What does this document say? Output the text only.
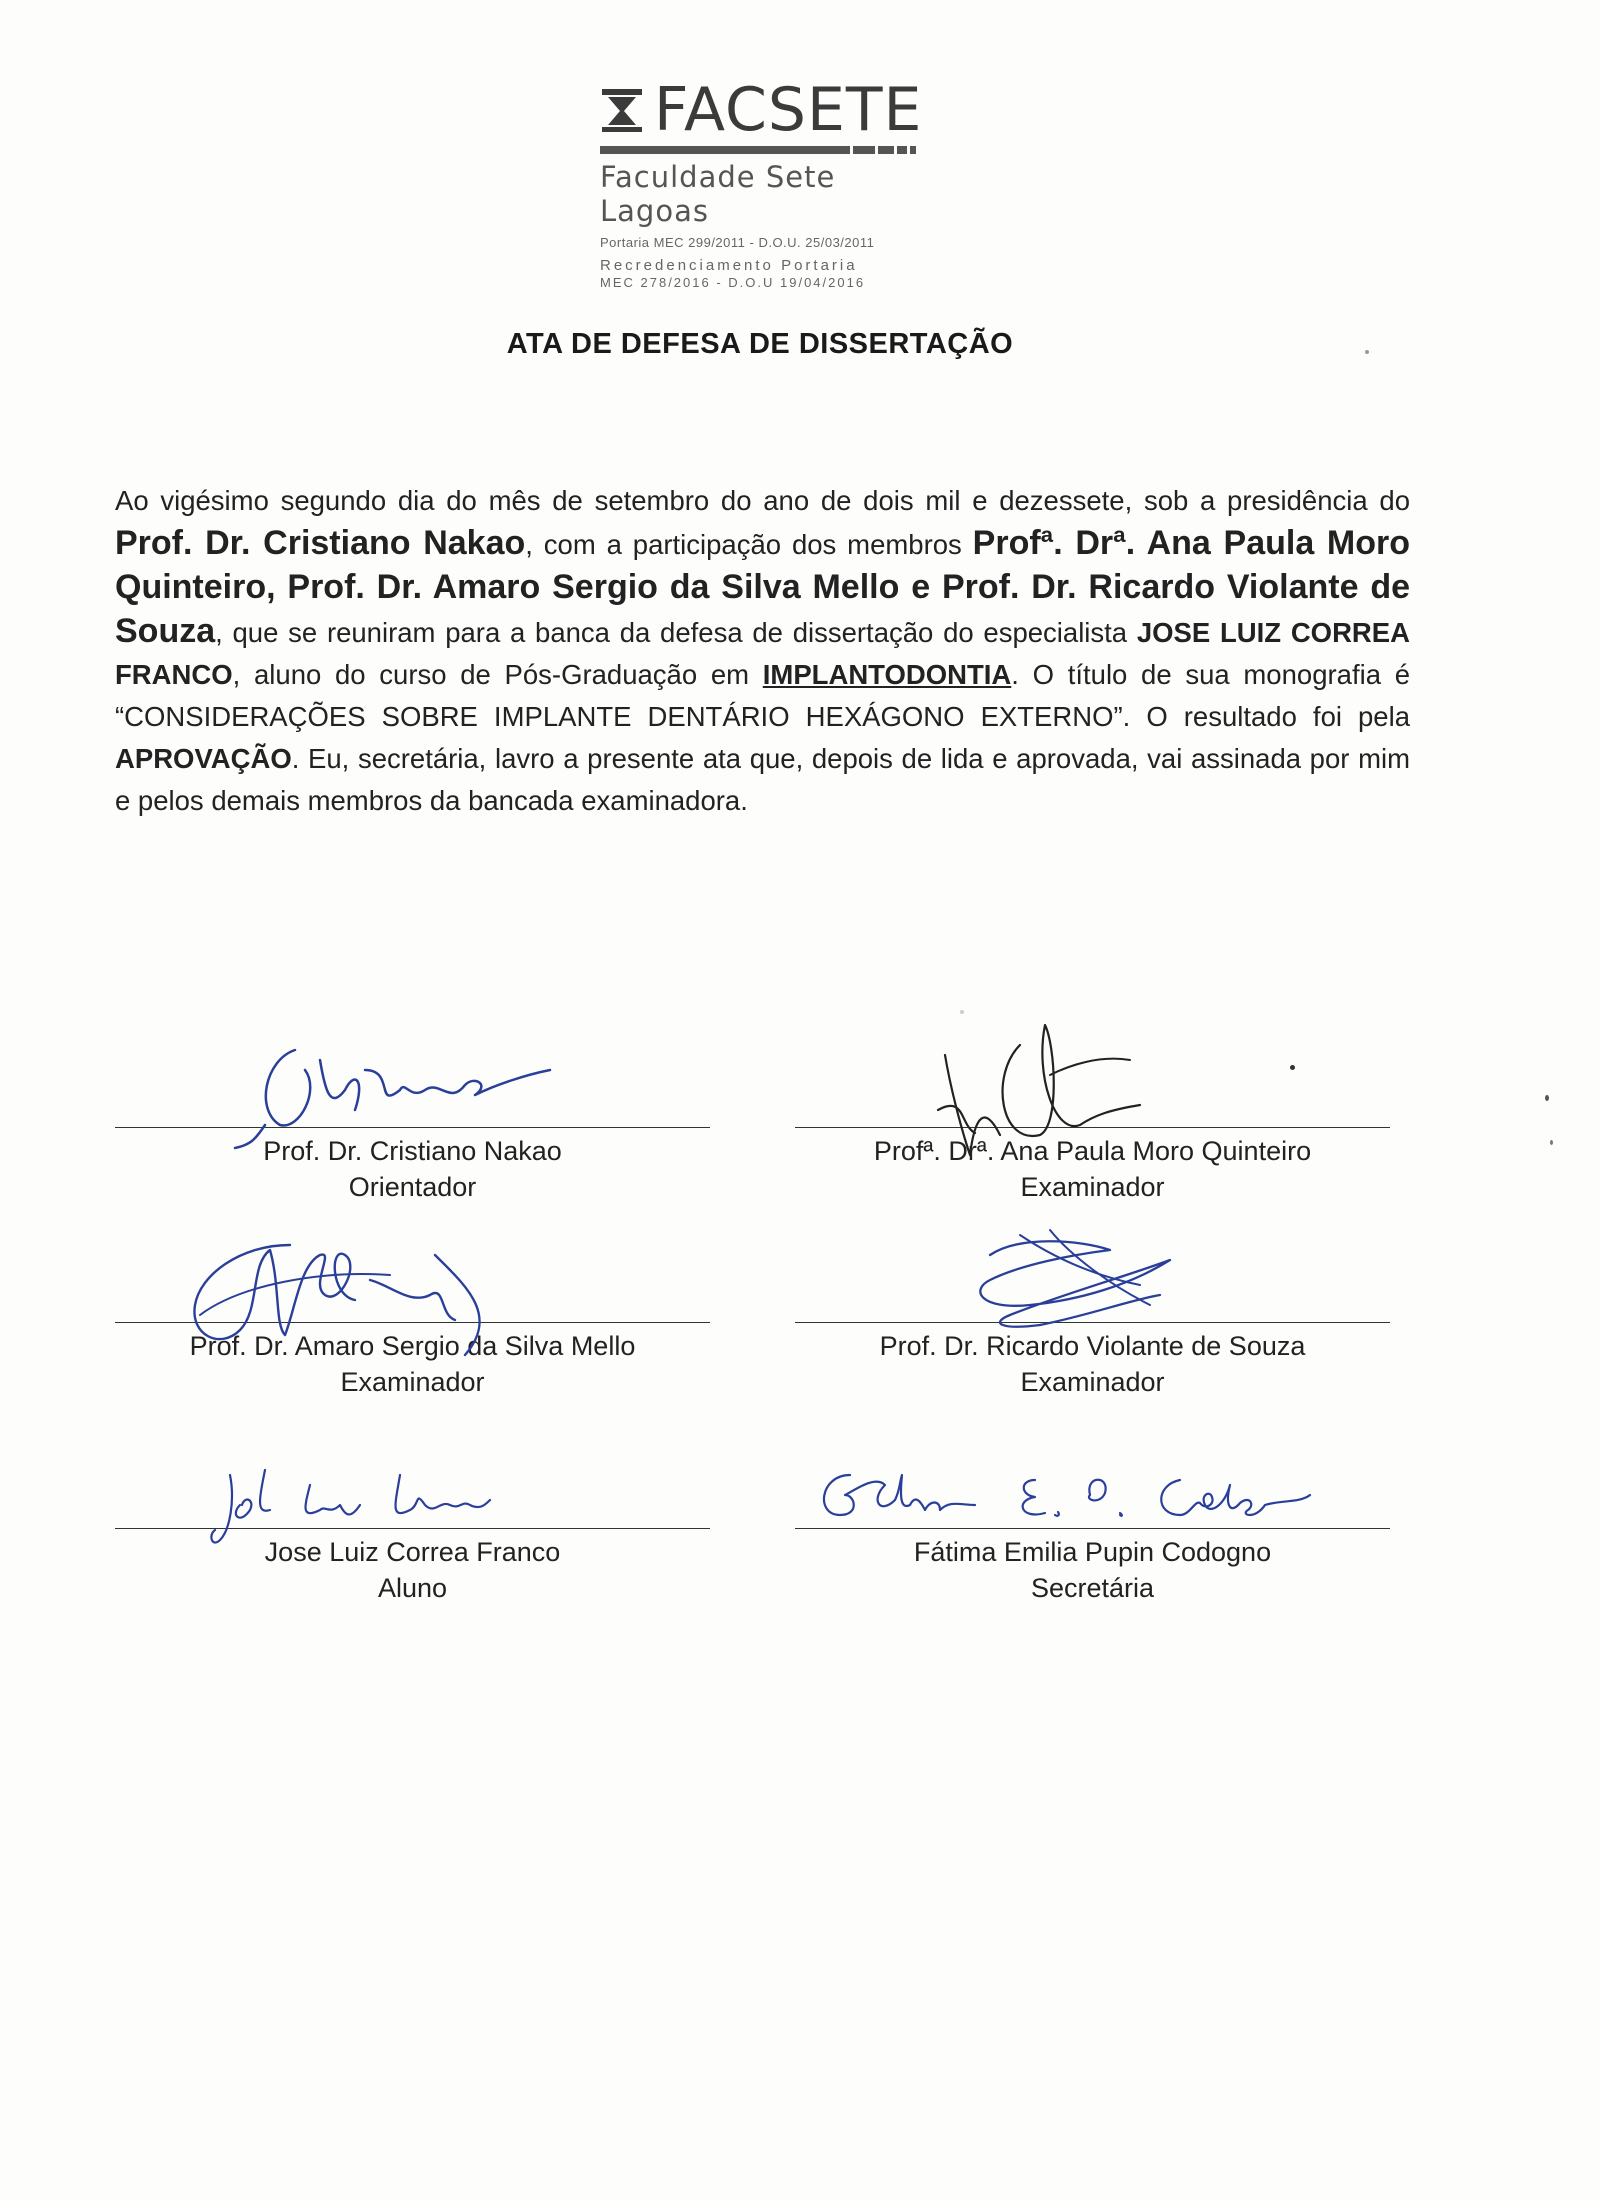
FACSETE
Faculdade Sete Lagoas
Portaria MEC 299/2011 - D.O.U. 25/03/2011
Recredenciamento Portaria
MEC 278/2016 - D.O.U 19/04/2016
ATA DE DEFESA DE DISSERTAÇÃO
Ao vigésimo segundo dia do mês de setembro do ano de dois mil e dezessete, sob a presidência do Prof. Dr. Cristiano Nakao, com a participação dos membros Profª. Drª. Ana Paula Moro Quinteiro, Prof. Dr. Amaro Sergio da Silva Mello e Prof. Dr. Ricardo Violante de Souza, que se reuniram para a banca da defesa de dissertação do especialista JOSE LUIZ CORREA FRANCO, aluno do curso de Pós-Graduação em IMPLANTODONTIA. O título de sua monografia é “CONSIDERAÇÕES SOBRE IMPLANTE DENTÁRIO HEXÁGONO EXTERNO”. O resultado foi pela APROVAÇÃO. Eu, secretária, lavro a presente ata que, depois de lida e aprovada, vai assinada por mim e pelos demais membros da bancada examinadora.
Prof. Dr. Cristiano Nakao
Orientador
Profª. Drª. Ana Paula Moro Quinteiro
Examinador
Prof. Dr. Amaro Sergio da Silva Mello
Examinador
Prof. Dr. Ricardo Violante de Souza
Examinador
Jose Luiz Correa Franco
Aluno
Fátima Emilia Pupin Codogno
Secretária
